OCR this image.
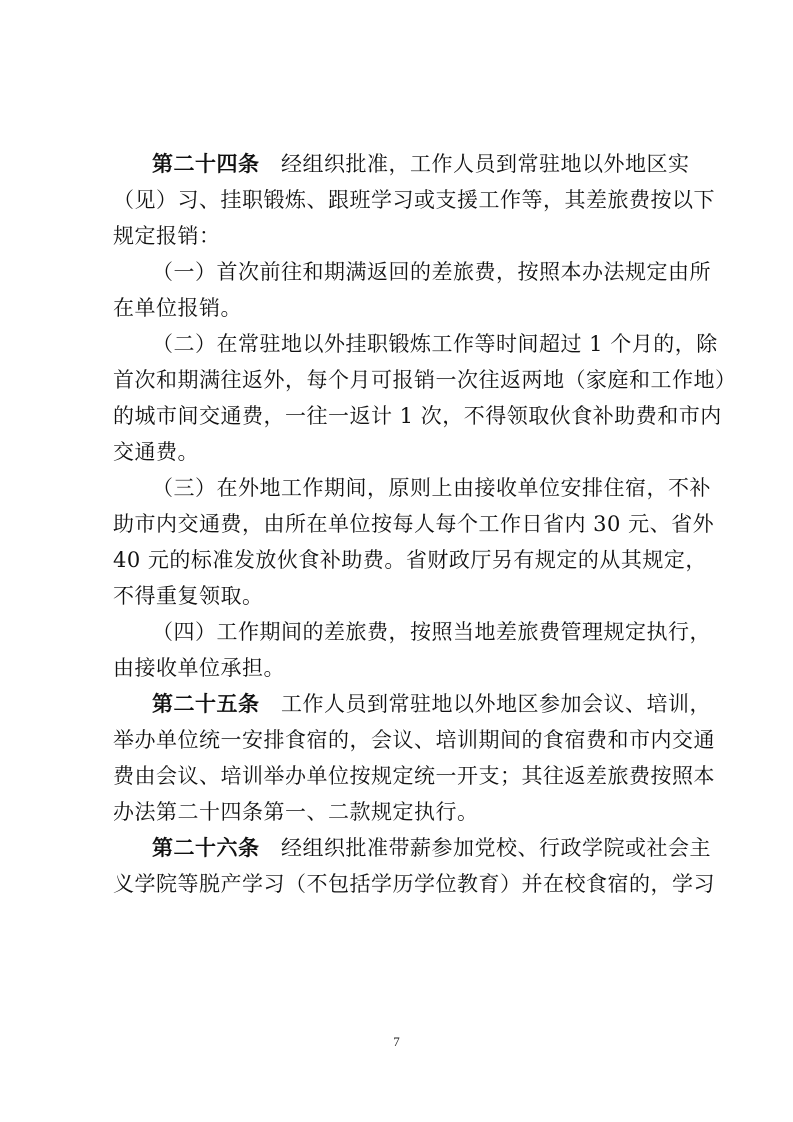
第二十四条　经组织批准，工作人员到常驻地以外地区实
（见）习、挂职锻炼、跟班学习或支援工作等，其差旅费按以下
规定报销：
　（一）首次前往和期满返回的差旅费，按照本办法规定由所
在单位报销。
　（二）在常驻地以外挂职锻炼工作等时间超过 1 个月的，除
首次和期满往返外，每个月可报销一次往返两地（家庭和工作地）
的城市间交通费，一往一返计 1 次，不得领取伙食补助费和市内
交通费。
　（三）在外地工作期间，原则上由接收单位安排住宿，不补
助市内交通费，由所在单位按每人每个工作日省内 30 元、省外
40 元的标准发放伙食补助费。省财政厅另有规定的从其规定，
不得重复领取。
　（四）工作期间的差旅费，按照当地差旅费管理规定执行，
由接收单位承担。
第二十五条　工作人员到常驻地以外地区参加会议、培训，
举办单位统一安排食宿的，会议、培训期间的食宿费和市内交通
费由会议、培训举办单位按规定统一开支；其往返差旅费按照本
办法第二十四条第一、二款规定执行。
第二十六条　经组织批准带薪参加党校、行政学院或社会主
义学院等脱产学习（不包括学历学位教育）并在校食宿的，学习
7
